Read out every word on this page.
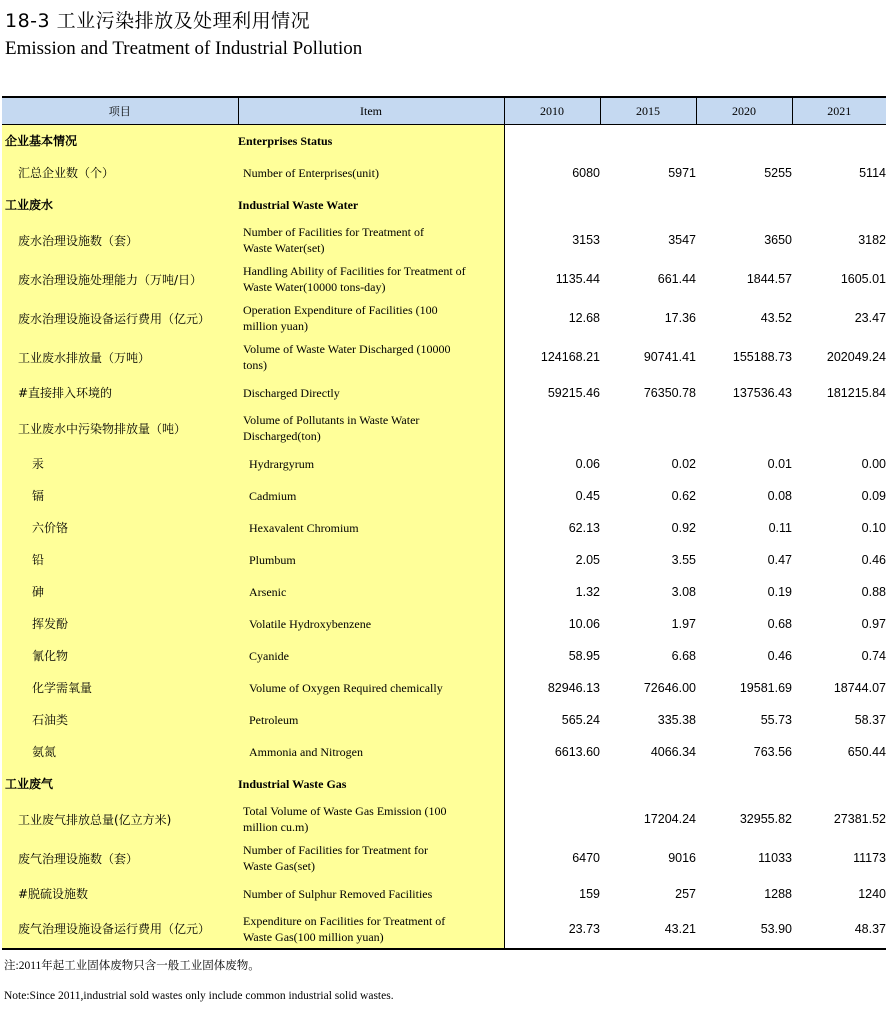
18-3 工业污染排放及处理利用情况
Emission and Treatment of Industrial Pollution
项目	Item	2010	2015	2020	2021
企业基本情况	Enterprises Status				
汇总企业数（个）	Number of Enterprises(unit)	6080	5971	5255	5114
工业废水	Industrial Waste Water				
废水治理设施数（套）	Number of Facilities for Treatment of Waste Water(set)	3153	3547	3650	3182
废水治理设施处理能力（万吨/日）	Handling Ability of Facilities for Treatment of Waste Water(10000 tons-day)	1135.44	661.44	1844.57	1605.01
废水治理设施设备运行费用（亿元）	Operation Expenditure of Facilities (100 million yuan)	12.68	17.36	43.52	23.47
工业废水排放量（万吨）	Volume of Waste Water Discharged (10000 tons)	124168.21	90741.41	155188.73	202049.24
#直接排入环境的	Discharged Directly	59215.46	76350.78	137536.43	181215.84
工业废水中污染物排放量（吨）	Volume of Pollutants in Waste Water Discharged(ton)				
汞	Hydrargyrum	0.06	0.02	0.01	0.00
镉	Cadmium	0.45	0.62	0.08	0.09
六价铬	Hexavalent Chromium	62.13	0.92	0.11	0.10
铅	Plumbum	2.05	3.55	0.47	0.46
砷	Arsenic	1.32	3.08	0.19	0.88
挥发酚	Volatile Hydroxybenzene	10.06	1.97	0.68	0.97
氰化物	Cyanide	58.95	6.68	0.46	0.74
化学需氧量	Volume of Oxygen Required chemically	82946.13	72646.00	19581.69	18744.07
石油类	Petroleum	565.24	335.38	55.73	58.37
氨氮	Ammonia and Nitrogen	6613.60	4066.34	763.56	650.44
工业废气	Industrial Waste Gas				
工业废气排放总量(亿立方米)	Total Volume of Waste Gas Emission (100 million cu.m)		17204.24	32955.82	27381.52
废气治理设施数（套）	Number of Facilities for Treatment for Waste Gas(set)	6470	9016	11033	11173
#脱硫设施数	Number of Sulphur Removed Facilities	159	257	1288	1240
废气治理设施设备运行费用（亿元）	Expenditure on Facilities for Treatment of Waste Gas(100 million yuan)	23.73	43.21	53.90	48.37
注:2011年起工业固体废物只含一般工业固体废物。
Note:Since 2011,industrial sold wastes only include common industrial solid wastes.
